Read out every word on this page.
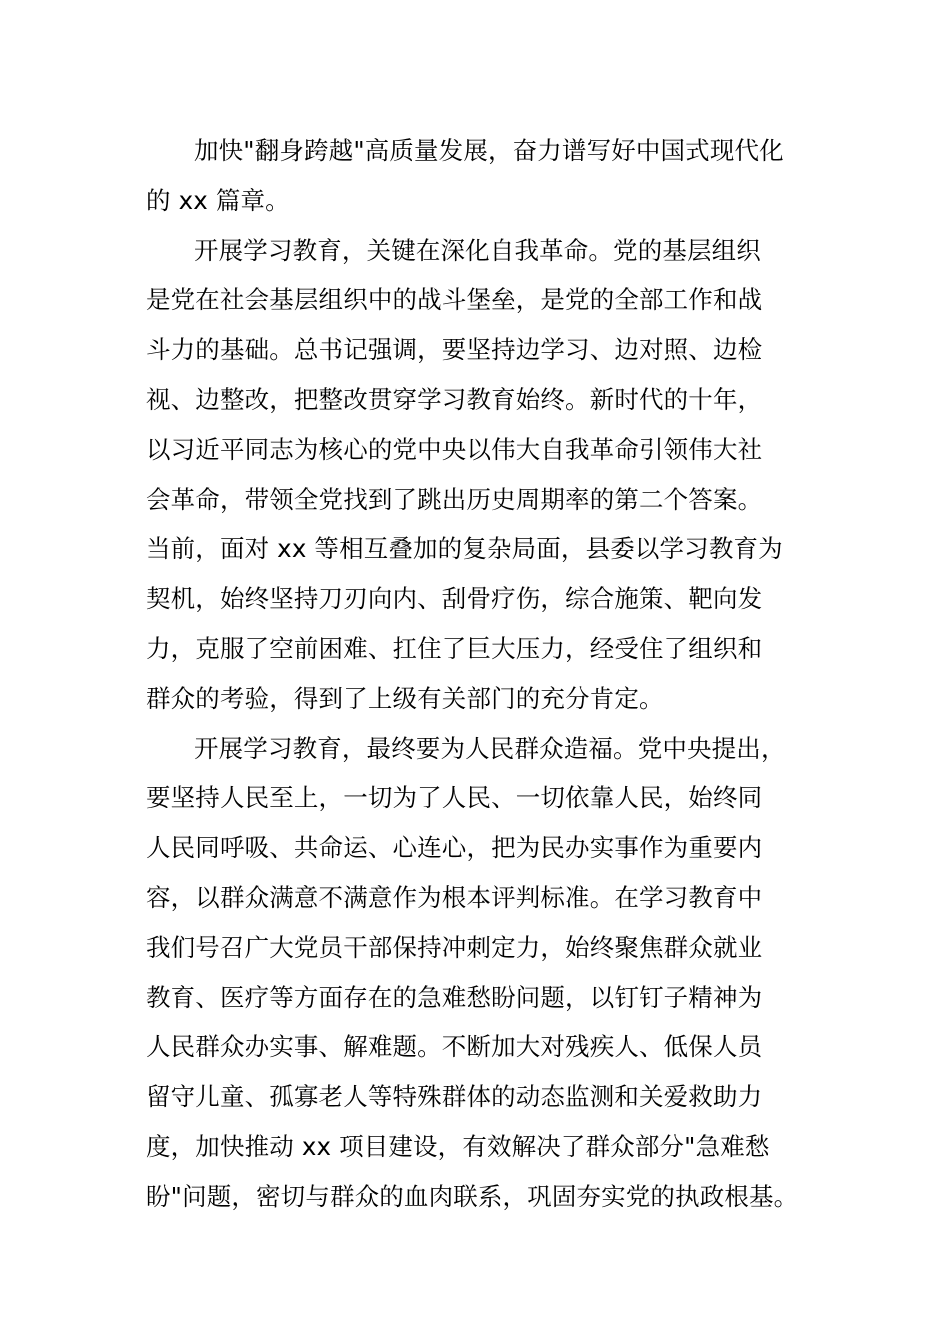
加快"翻身跨越"高质量发展，奋力谱写好中国式现代化
的 xx 篇章。
开展学习教育，关键在深化自我革命。党的基层组织
是党在社会基层组织中的战斗堡垒，是党的全部工作和战
斗力的基础。总书记强调，要坚持边学习、边对照、边检
视、边整改，把整改贯穿学习教育始终。新时代的十年，
以习近平同志为核心的党中央以伟大自我革命引领伟大社
会革命，带领全党找到了跳出历史周期率的第二个答案。
当前，面对 xx 等相互叠加的复杂局面，县委以学习教育为
契机，始终坚持刀刃向内、刮骨疗伤，综合施策、靶向发
力，克服了空前困难、扛住了巨大压力，经受住了组织和
群众的考验，得到了上级有关部门的充分肯定。
开展学习教育，最终要为人民群众造福。党中央提出，
要坚持人民至上，一切为了人民、一切依靠人民，始终同
人民同呼吸、共命运、心连心，把为民办实事作为重要内
容，以群众满意不满意作为根本评判标准。在学习教育中
我们号召广大党员干部保持冲刺定力，始终聚焦群众就业
教育、医疗等方面存在的急难愁盼问题，以钉钉子精神为
人民群众办实事、解难题。不断加大对残疾人、低保人员
留守儿童、孤寡老人等特殊群体的动态监测和关爱救助力
度，加快推动 xx 项目建设，有效解决了群众部分"急难愁
盼"问题，密切与群众的血肉联系，巩固夯实党的执政根基。
